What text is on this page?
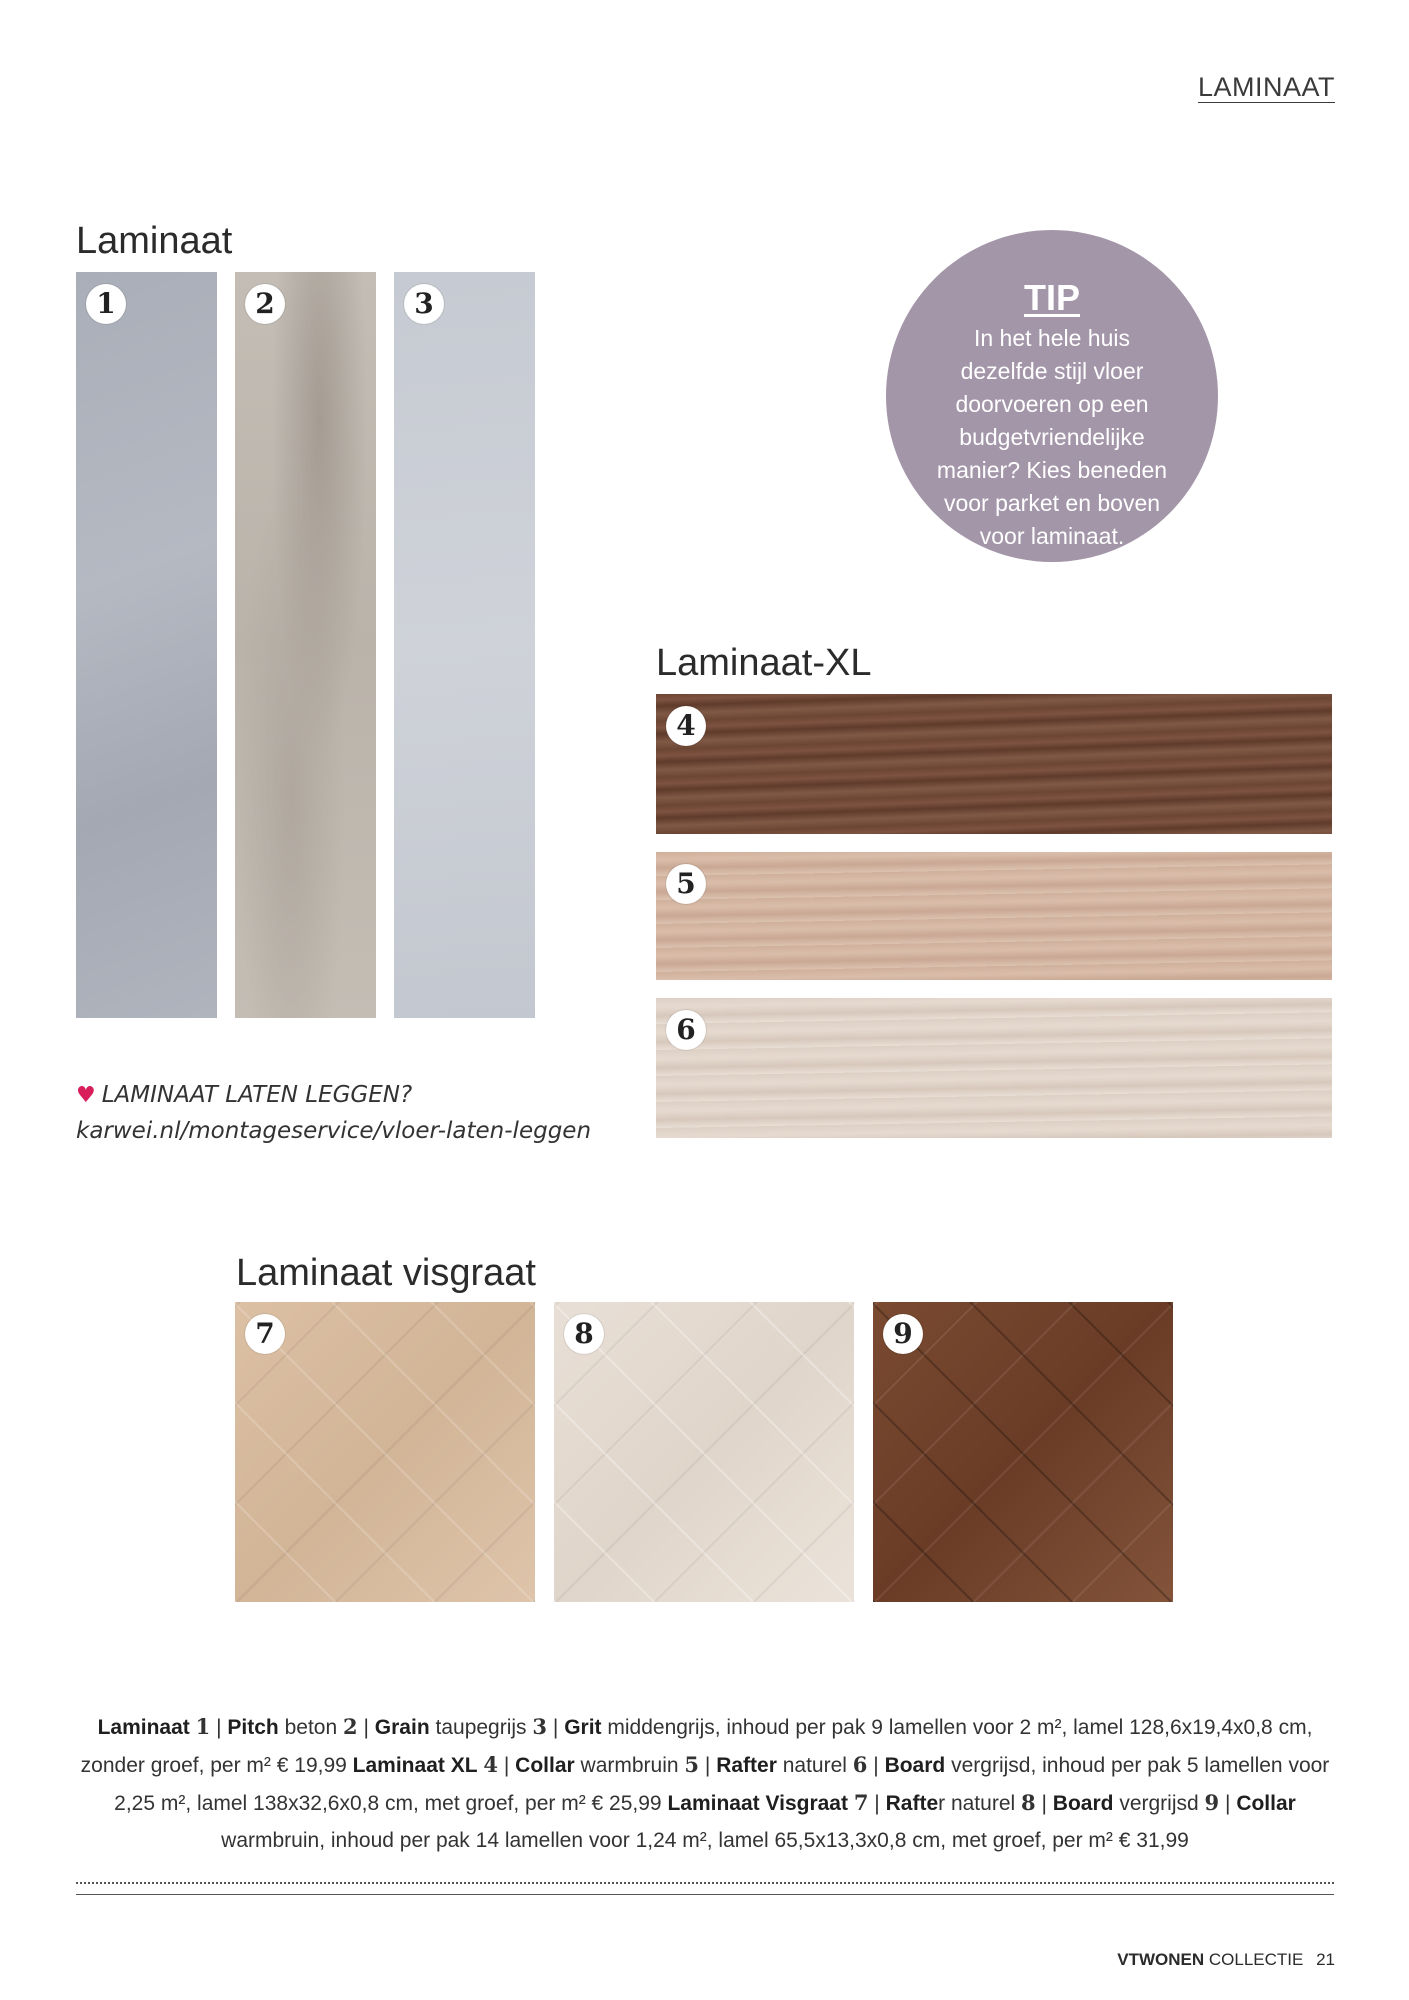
LAMINAAT
Laminaat
1	2	3	TIP
In het hele huis dezelfde stijl vloer doorvoeren op een budgetvriendelijke manier? Kies beneden voor parket en boven voor laminaat.
Laminaat-XL
4
5
6
♥ LAMINAAT LATEN LEGGEN?
karwei.nl/montageservice/vloer-laten-leggen
Laminaat visgraat
7	8	9
Laminaat 1 | Pitch beton 2 | Grain taupegrijs 3 | Grit middengrijs, inhoud per pak 9 lamellen voor 2 m², lamel 128,6x19,4x0,8 cm, zonder groef, per m² € 19,99 Laminaat XL 4 | Collar warmbruin 5 | Rafter naturel 6 | Board vergrijsd, inhoud per pak 5 lamellen voor 2,25 m², lamel 138x32,6x0,8 cm, met groef, per m² € 25,99 Laminaat Visgraat 7 | Rafter naturel 8 | Board vergrijsd 9 | Collar warmbruin, inhoud per pak 14 lamellen voor 1,24 m², lamel 65,5x13,3x0,8 cm, met groef, per m² € 31,99
VTWONEN COLLECTIE 21
